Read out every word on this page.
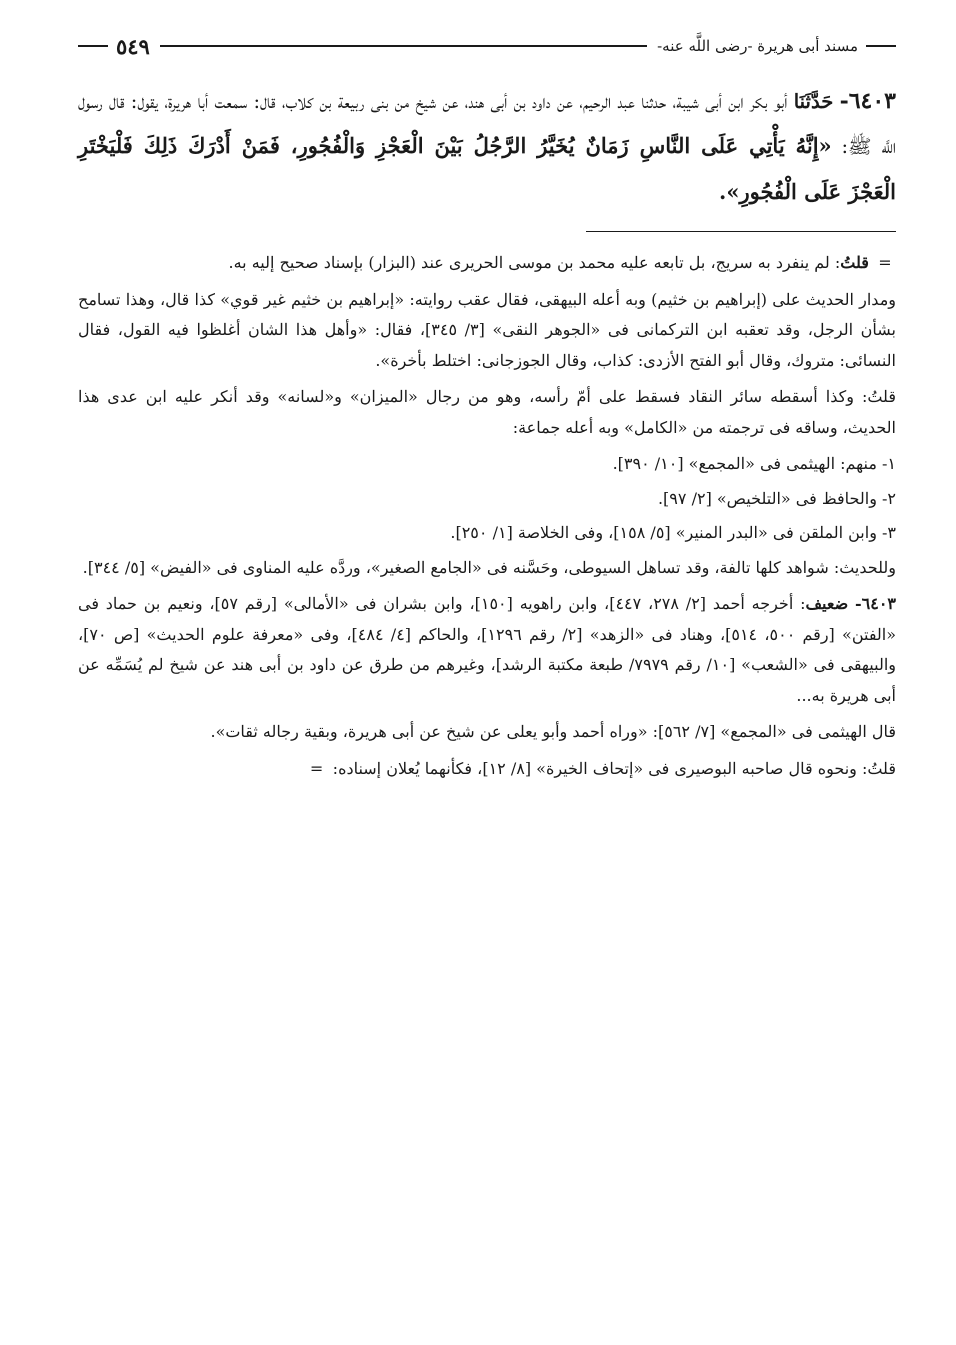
مسند أبى هريرة -رضى اللَّه عنه-
٥٤٩
٦٤٠٣- حَدَّثَنَا أبو بكر ابن أبى شيبة، حدثنا عبد الرحيم، عن داود بن أبى هند، عن شيخ من بنى ربيعة بن كلاب، قال: سمعت أبا هريرة، يقول: قال رسول اللَّه ﷺ: «إِنَّهُ يَأْتِي عَلَى النَّاسِ زَمَانٌ يُخَيَّرُ الرَّجُلُ بَيْنَ الْعَجْزِ وَالْفُجُورِ، فَمَنْ أَدْرَكَ ذَلِكَ فَلْيَخْتَرِ الْعَجْزَ عَلَى الْفُجُورِ».

= قلتُ: لم ينفرد به سريج، بل تابعه عليه محمد بن موسى الحريرى عند (البزار) بإسناد صحيح إليه به.

ومدار الحديث على (إبراهيم بن خثيم) وبه أعله البيهقى، فقال عقب روايته: «إبراهيم بن خثيم غير قوي» كذا قال، وهذا تسامح بشأن الرجل، وقد تعقبه ابن التركمانى فى «الجوهر النقى» [٣/ ٣٤٥]، فقال: «وأهل هذا الشان أغلظوا فيه القول، فقال النسائى: متروك، وقال أبو الفتح الأزدى: كذاب، وقال الجوزجانى: اختلط بأخرة».

قلتُ: وكذا أسقطه سائر النقاد فسقط على أمّ رأسه، وهو من رجال «الميزان» و«لسانه» وقد أنكر عليه ابن عدى هذا الحديث، وساقه فى ترجمته من «الكامل» وبه أعله جماعة:

١- منهم: الهيثمى فى «المجمع» [١٠/ ٣٩٠].

٢- والحافظ فى «التلخيص» [٢/ ٩٧].

٣- وابن الملقن فى «البدر المنير» [٥/ ١٥٨]، وفى الخلاصة [١/ ٢٥٠].

وللحديث: شواهد كلها تالفة، وقد تساهل السيوطى، وحَسَّنه فى «الجامع الصغير»، وردَّه عليه المناوى فى «الفيض» [٥/ ٣٤٤].

٦٤٠٣- ضعيف: أخرجه أحمد [٢/ ٢٧٨، ٤٤٧]، وابن راهويه [١٥٠]، وابن بشران فى «الأمالى» [رقم ٥٧]، ونعيم بن حماد فى «الفتن» [رقم ٥٠٠، ٥١٤]، وهناد فى «الزهد» [٢/ رقم ١٢٩٦]، والحاكم [٤/ ٤٨٤]، وفى «معرفة علوم الحديث» [ص ٧٠]، والبيهقى فى «الشعب» [١٠/ رقم ٧٩٧٩/ طبعة مكتبة الرشد]، وغيرهم من طرق عن داود بن أبى هند عن شيخ لم يُسَمِّه عن أبى هريرة به...

قال الهيثمى فى «المجمع» [٧/ ٥٦٢]: «وراه أحمد وأبو يعلى عن شيخ عن أبى هريرة، وبقية رجاله ثقات».

قلتُ: ونحوه قال صاحبه البوصيرى فى «إتحاف الخيرة» [٨/ ١٢]، فكأنهما يُعلان إسناده: =
